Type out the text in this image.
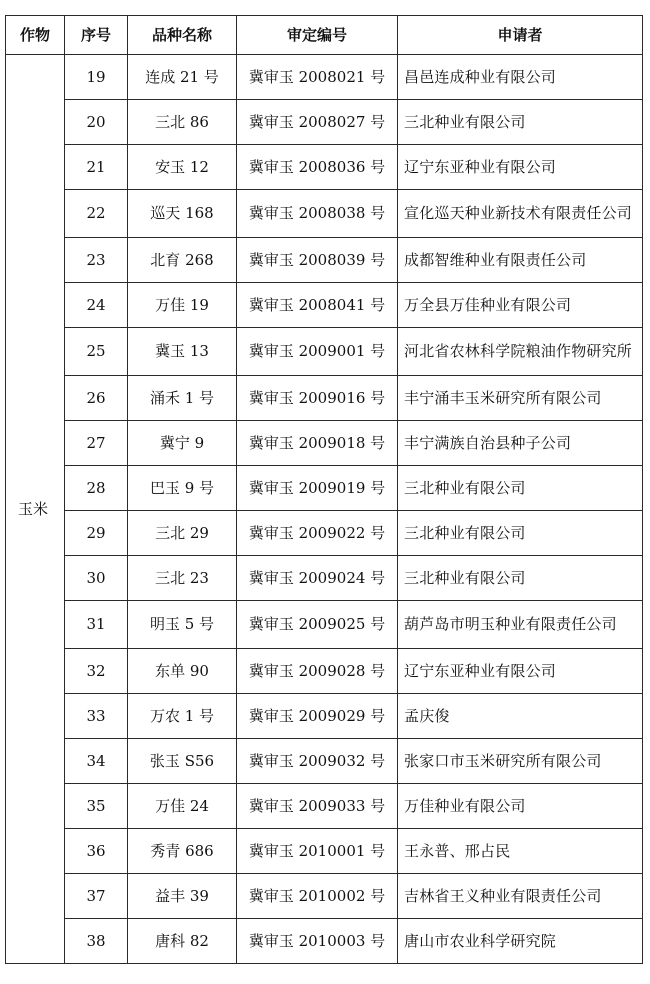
作物	序号	品种名称	审定编号	申请者
玉米	19	连成 21 号	冀审玉 2008021 号	昌邑连成种业有限公司
	20	三北 86	冀审玉 2008027 号	三北种业有限公司
	21	安玉 12	冀审玉 2008036 号	辽宁东亚种业有限公司
	22	巡天 168	冀审玉 2008038 号	宣化巡天种业新技术有限责任公司
	23	北育 268	冀审玉 2008039 号	成都智维种业有限责任公司
	24	万佳 19	冀审玉 2008041 号	万全县万佳种业有限公司
	25	冀玉 13	冀审玉 2009001 号	河北省农林科学院粮油作物研究所
	26	涌禾 1 号	冀审玉 2009016 号	丰宁涌丰玉米研究所有限公司
	27	冀宁 9	冀审玉 2009018 号	丰宁满族自治县种子公司
	28	巴玉 9 号	冀审玉 2009019 号	三北种业有限公司
	29	三北 29	冀审玉 2009022 号	三北种业有限公司
	30	三北 23	冀审玉 2009024 号	三北种业有限公司
	31	明玉 5 号	冀审玉 2009025 号	葫芦岛市明玉种业有限责任公司
	32	东单 90	冀审玉 2009028 号	辽宁东亚种业有限公司
	33	万农 1 号	冀审玉 2009029 号	孟庆俊
	34	张玉 S56	冀审玉 2009032 号	张家口市玉米研究所有限公司
	35	万佳 24	冀审玉 2009033 号	万佳种业有限公司
	36	秀青 686	冀审玉 2010001 号	王永普、邢占民
	37	益丰 39	冀审玉 2010002 号	吉林省王义种业有限责任公司
	38	唐科 82	冀审玉 2010003 号	唐山市农业科学研究院
